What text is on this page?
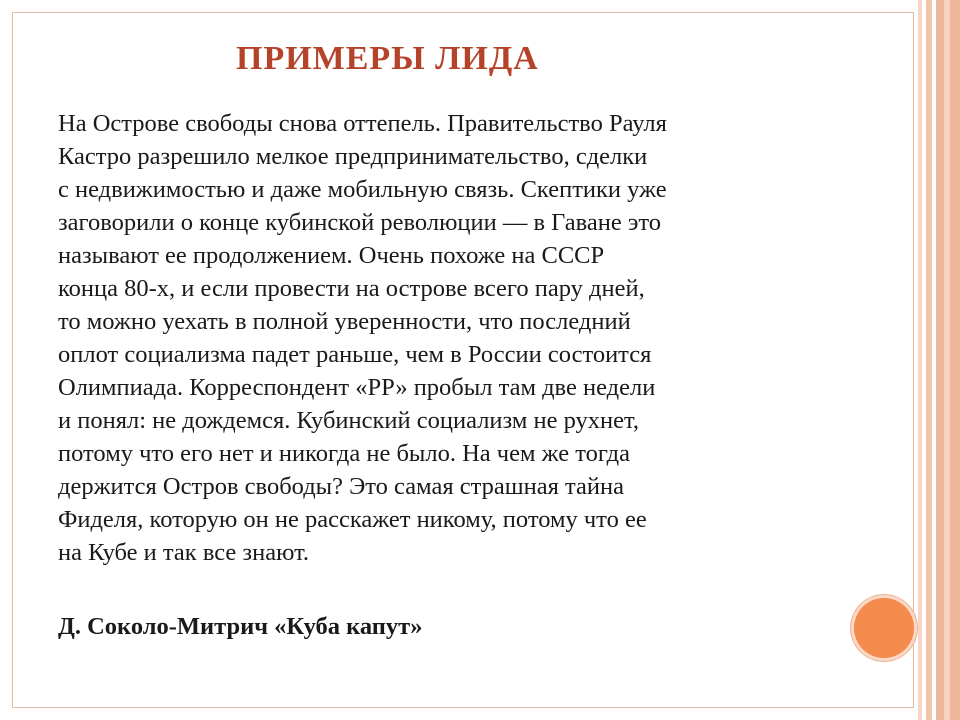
ПРИМЕРЫ ЛИДА
На Острове свободы снова оттепель. Правительство Рауля
Кастро разрешило мелкое предпринимательство, сделки
с недвижимостью и даже мобильную связь. Скептики уже
заговорили о конце кубинской революции — в Гаване это
называют ее продолжением. Очень похоже на СССР
конца 80-х, и если провести на острове всего пару дней,
то можно уехать в полной уверенности, что последний
оплот социализма падет раньше, чем в России состоится
Олимпиада. Корреспондент «РР» пробыл там две недели
и понял: не дождемся. Кубинский социализм не рухнет,
потому что его нет и никогда не было. На чем же тогда
держится Остров свободы? Это самая страшная тайна
Фиделя, которую он не расскажет никому, потому что ее
на Кубе и так все знают.
Д. Соколо-Митрич «Куба капут»
